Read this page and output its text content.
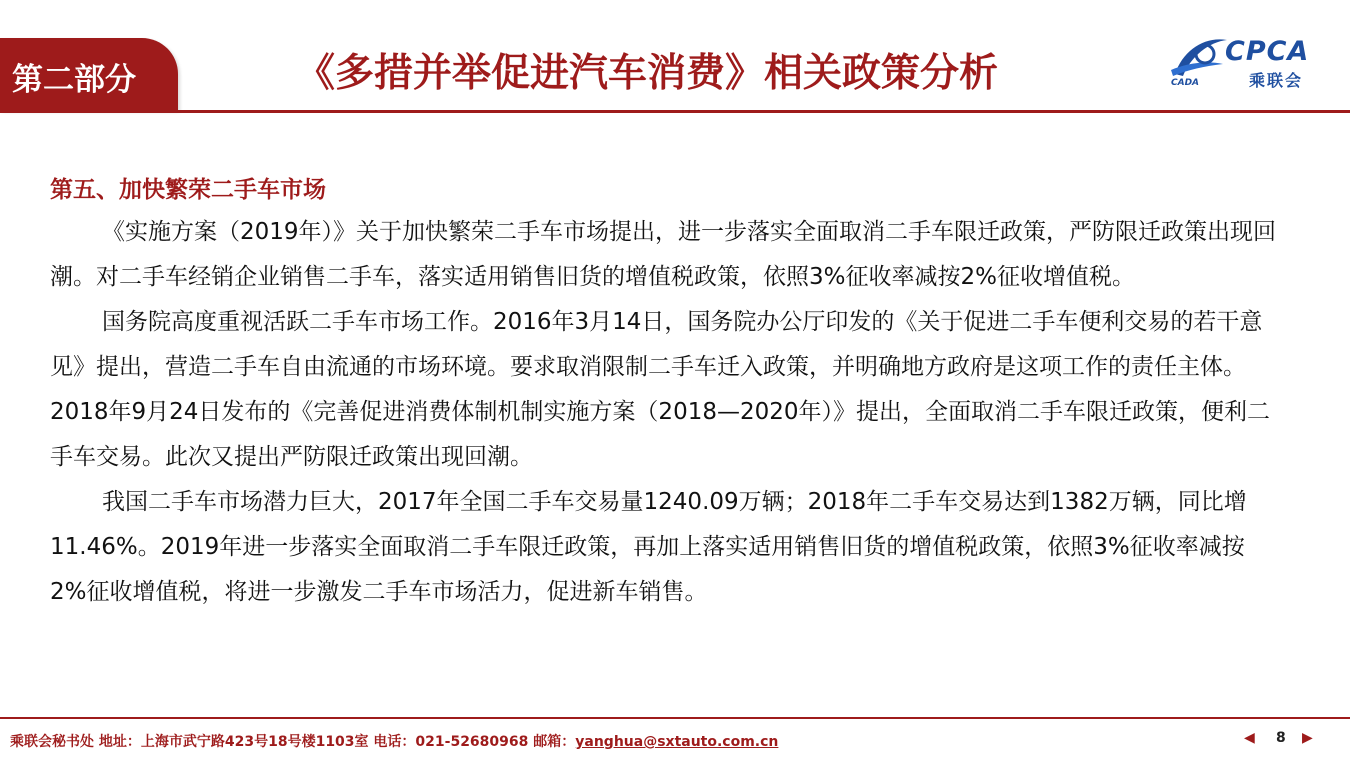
第二部分	《多措并举促进汽车消费》相关政策分析	CPCA
乘联会
CADA

第五、加快繁荣二手车市场

《实施方案（2019年）》关于加快繁荣二手车市场提出，进一步落实全面取消二手车限迁政策，严防限迁政策出现回潮。对二手车经销企业销售二手车，落实适用销售旧货的增值税政策，依照3%征收率减按2%征收增值税。

国务院高度重视活跃二手车市场工作。2016年3月14日，国务院办公厅印发的《关于促进二手车便利交易的若干意见》提出，营造二手车自由流通的市场环境。要求取消限制二手车迁入政策，并明确地方政府是这项工作的责任主体。2018年9月24日发布的《完善促进消费体制机制实施方案（2018—2020年）》提出，全面取消二手车限迁政策，便利二手车交易。此次又提出严防限迁政策出现回潮。

我国二手车市场潜力巨大，2017年全国二手车交易量1240.09万辆；2018年二手车交易达到1382万辆，同比增11.46%。2019年进一步落实全面取消二手车限迁政策，再加上落实适用销售旧货的增值税政策，依照3%征收率减按2%征收增值税，将进一步激发二手车市场活力，促进新车销售。

乘联会秘书处 地址：上海市武宁路423号18号楼1103室 电话：021-52680968 邮箱：yanghua@sxtauto.com.cn	◀ 8 ▶
